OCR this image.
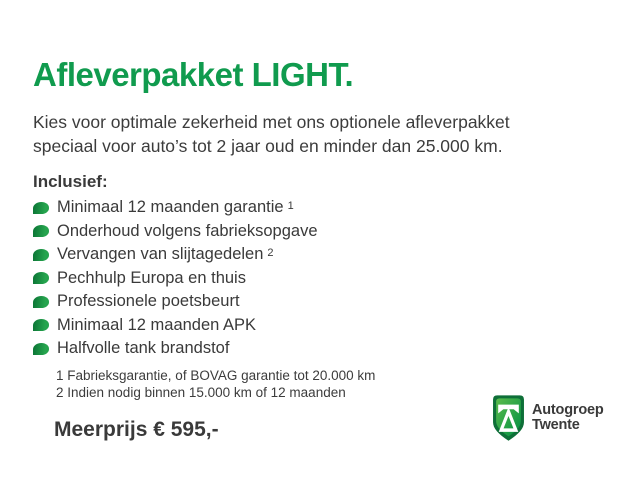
Afleverpakket LIGHT.

Kies voor optimale zekerheid met ons optionele afleverpakket speciaal voor auto’s tot 2 jaar oud en minder dan 25.000 km.

Inclusief:

Minimaal 12 maanden garantie $^1$
Onderhoud volgens fabrieksopgave
Vervangen van slijtagedelen $^2$
Pechhulp Europa en thuis
Professionele poetsbeurt
Minimaal 12 maanden APK
Halfvolle tank brandstof
1 Fabrieksgarantie, of BOVAG garantie tot 20.000 km
2 Indien nodig binnen 15.000 km of 12 maanden

Meerprijs € 595,-

Autogroep
Twente
